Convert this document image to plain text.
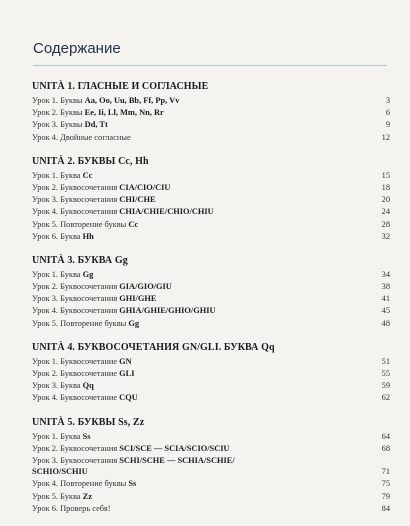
Содержание
UNITÀ 1. ГЛАСНЫЕ И СОГЛАСНЫЕ
Урок 1. Буквы Aa, Oo, Uu, Bb, Ff, Pp, Vv	3
Урок 2. Буквы Ee, Ii, Ll, Mm, Nn, Rr	6
Урок 3. Буквы Dd, Tt	9
Урок 4. Двойные согласные	12
UNITÀ 2. БУКВЫ Cc, Hh
Урок 1. Буква Cc	15
Урок 2. Буквосочетания CIA/CIO/CIU	18
Урок 3. Буквосочетания CHI/CHE	20
Урок 4. Буквосочетания CHIA/CHIE/CHIO/CHIU	24
Урок 5. Повторение буквы Cc	28
Урок 6. Буква Hh	32
UNITÀ 3. БУКВА Gg
Урок 1. Буква Gg	34
Урок 2. Буквосочетания GIA/GIO/GIU	38
Урок 3. Буквосочетания GHI/GHE	41
Урок 4. Буквосочетания GHIA/GHIE/GHIO/GHIU	45
Урок 5. Повторение буквы Gg	48
UNITÀ 4. БУКВОСОЧЕТАНИЯ GN/GLI. БУКВА Qq
Урок 1. Буквосочетание GN	51
Урок 2. Буквосочетание GLI	55
Урок 3. Буква Qq	59
Урок 4. Буквосочетание CQU	62
UNITÀ 5. БУКВЫ Ss, Zz
Урок 1. Буква Ss	64
Урок 2. Буквосочетания SCI/SCE — SCIA/SCIO/SCIU	68
Урок 3. Буквосочетания SCHI/SCHE — SCHIA/SCHIE/
SCHIO/SCHIU	71
Урок 4. Повторение буквы Ss	75
Урок 5. Буква Zz	79
Урок 6. Проверь себя!	84
